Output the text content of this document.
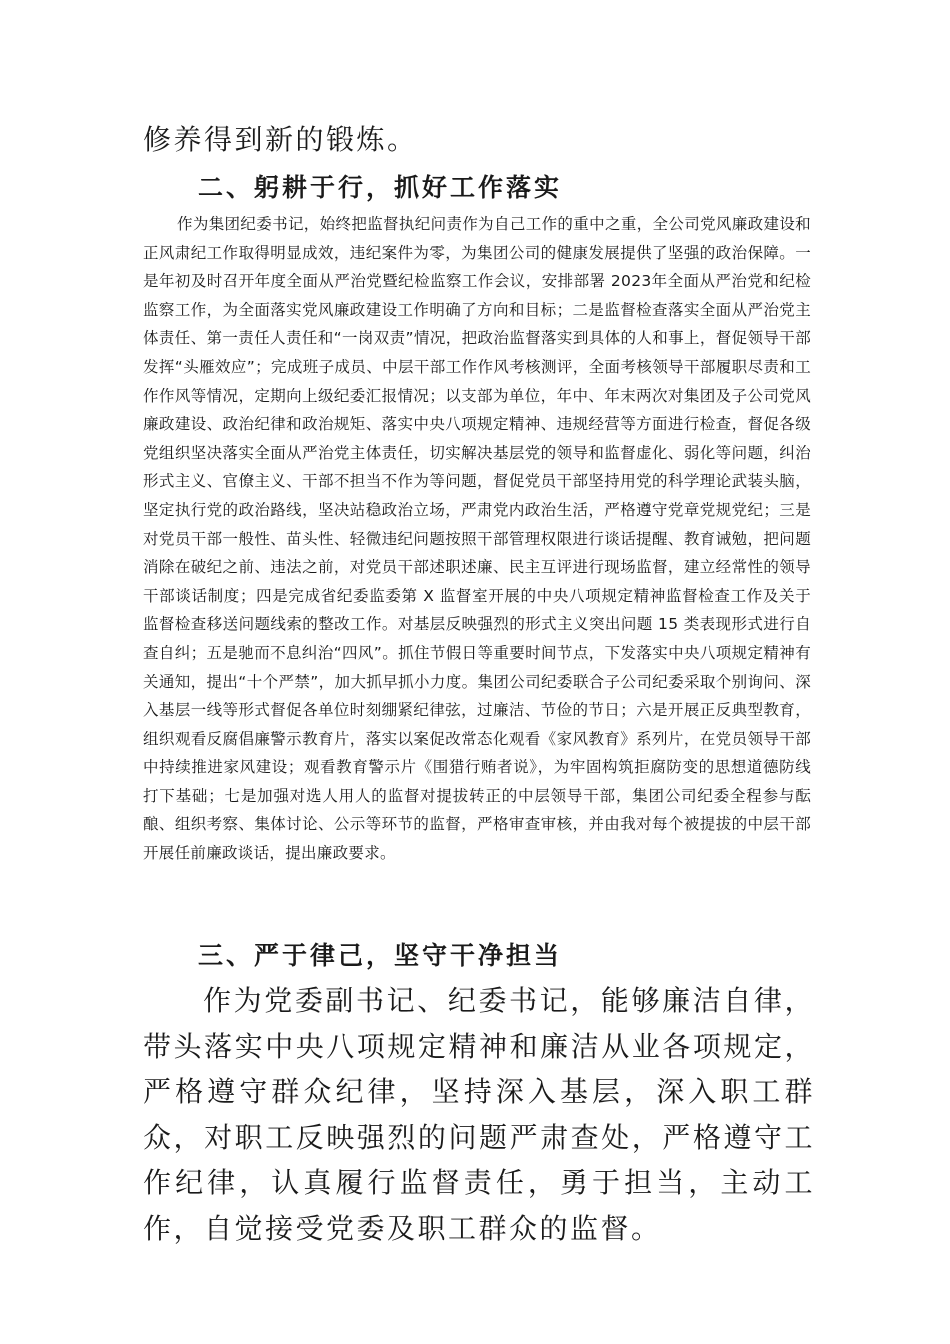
修养得到新的锻炼。

二、躬耕于行，抓好工作落实

作为集团纪委书记，始终把监督执纪问责作为自己工作的重中之重，全公司党风廉政建设和正风肃纪工作取得明显成效，违纪案件为零，为集团公司的健康发展提供了坚强的政治保障。一是年初及时召开年度全面从严治党暨纪检监察工作会议，安排部署 2023年全面从严治党和纪检监察工作，为全面落实党风廉政建设工作明确了方向和目标；二是监督检查落实全面从严治党主体责任、第一责任人责任和“一岗双责”情况，把政治监督落实到具体的人和事上，督促领导干部发挥“头雁效应”；完成班子成员、中层干部工作作风考核测评，全面考核领导干部履职尽责和工作作风等情况，定期向上级纪委汇报情况；以支部为单位，年中、年末两次对集团及子公司党风廉政建设、政治纪律和政治规矩、落实中央八项规定精神、违规经营等方面进行检查，督促各级党组织坚决落实全面从严治党主体责任，切实解决基层党的领导和监督虚化、弱化等问题，纠治形式主义、官僚主义、干部不担当不作为等问题，督促党员干部坚持用党的科学理论武装头脑，坚定执行党的政治路线，坚决站稳政治立场，严肃党内政治生活，严格遵守党章党规党纪；三是对党员干部一般性、苗头性、轻微违纪问题按照干部管理权限进行谈话提醒、教育诫勉，把问题消除在破纪之前、违法之前，对党员干部述职述廉、民主互评进行现场监督，建立经常性的领导干部谈话制度；四是完成省纪委监委第 X 监督室开展的中央八项规定精神监督检查工作及关于监督检查移送问题线索的整改工作。对基层反映强烈的形式主义突出问题 15 类表现形式进行自查自纠；五是驰而不息纠治“四风”。抓住节假日等重要时间节点，下发落实中央八项规定精神有关通知，提出“十个严禁”，加大抓早抓小力度。集团公司纪委联合子公司纪委采取个别询问、深入基层一线等形式督促各单位时刻绷紧纪律弦，过廉洁、节俭的节日；六是开展正反典型教育，组织观看反腐倡廉警示教育片，落实以案促改常态化观看《家风教育》系列片，在党员领导干部中持续推进家风建设；观看教育警示片《围猎行贿者说》，为牢固构筑拒腐防变的思想道德防线打下基础；七是加强对选人用人的监督对提拔转正的中层领导干部，集团公司纪委全程参与酝酿、组织考察、集体讨论、公示等环节的监督，严格审查审核，并由我对每个被提拔的中层干部开展任前廉政谈话，提出廉政要求。

三、严于律己，坚守干净担当

作为党委副书记、纪委书记，能够廉洁自律，带头落实中央八项规定精神和廉洁从业各项规定，严格遵守群众纪律，坚持深入基层，深入职工群众，对职工反映强烈的问题严肃查处，严格遵守工作纪律，认真履行监督责任，勇于担当，主动工作，自觉接受党委及职工群众的监督。
